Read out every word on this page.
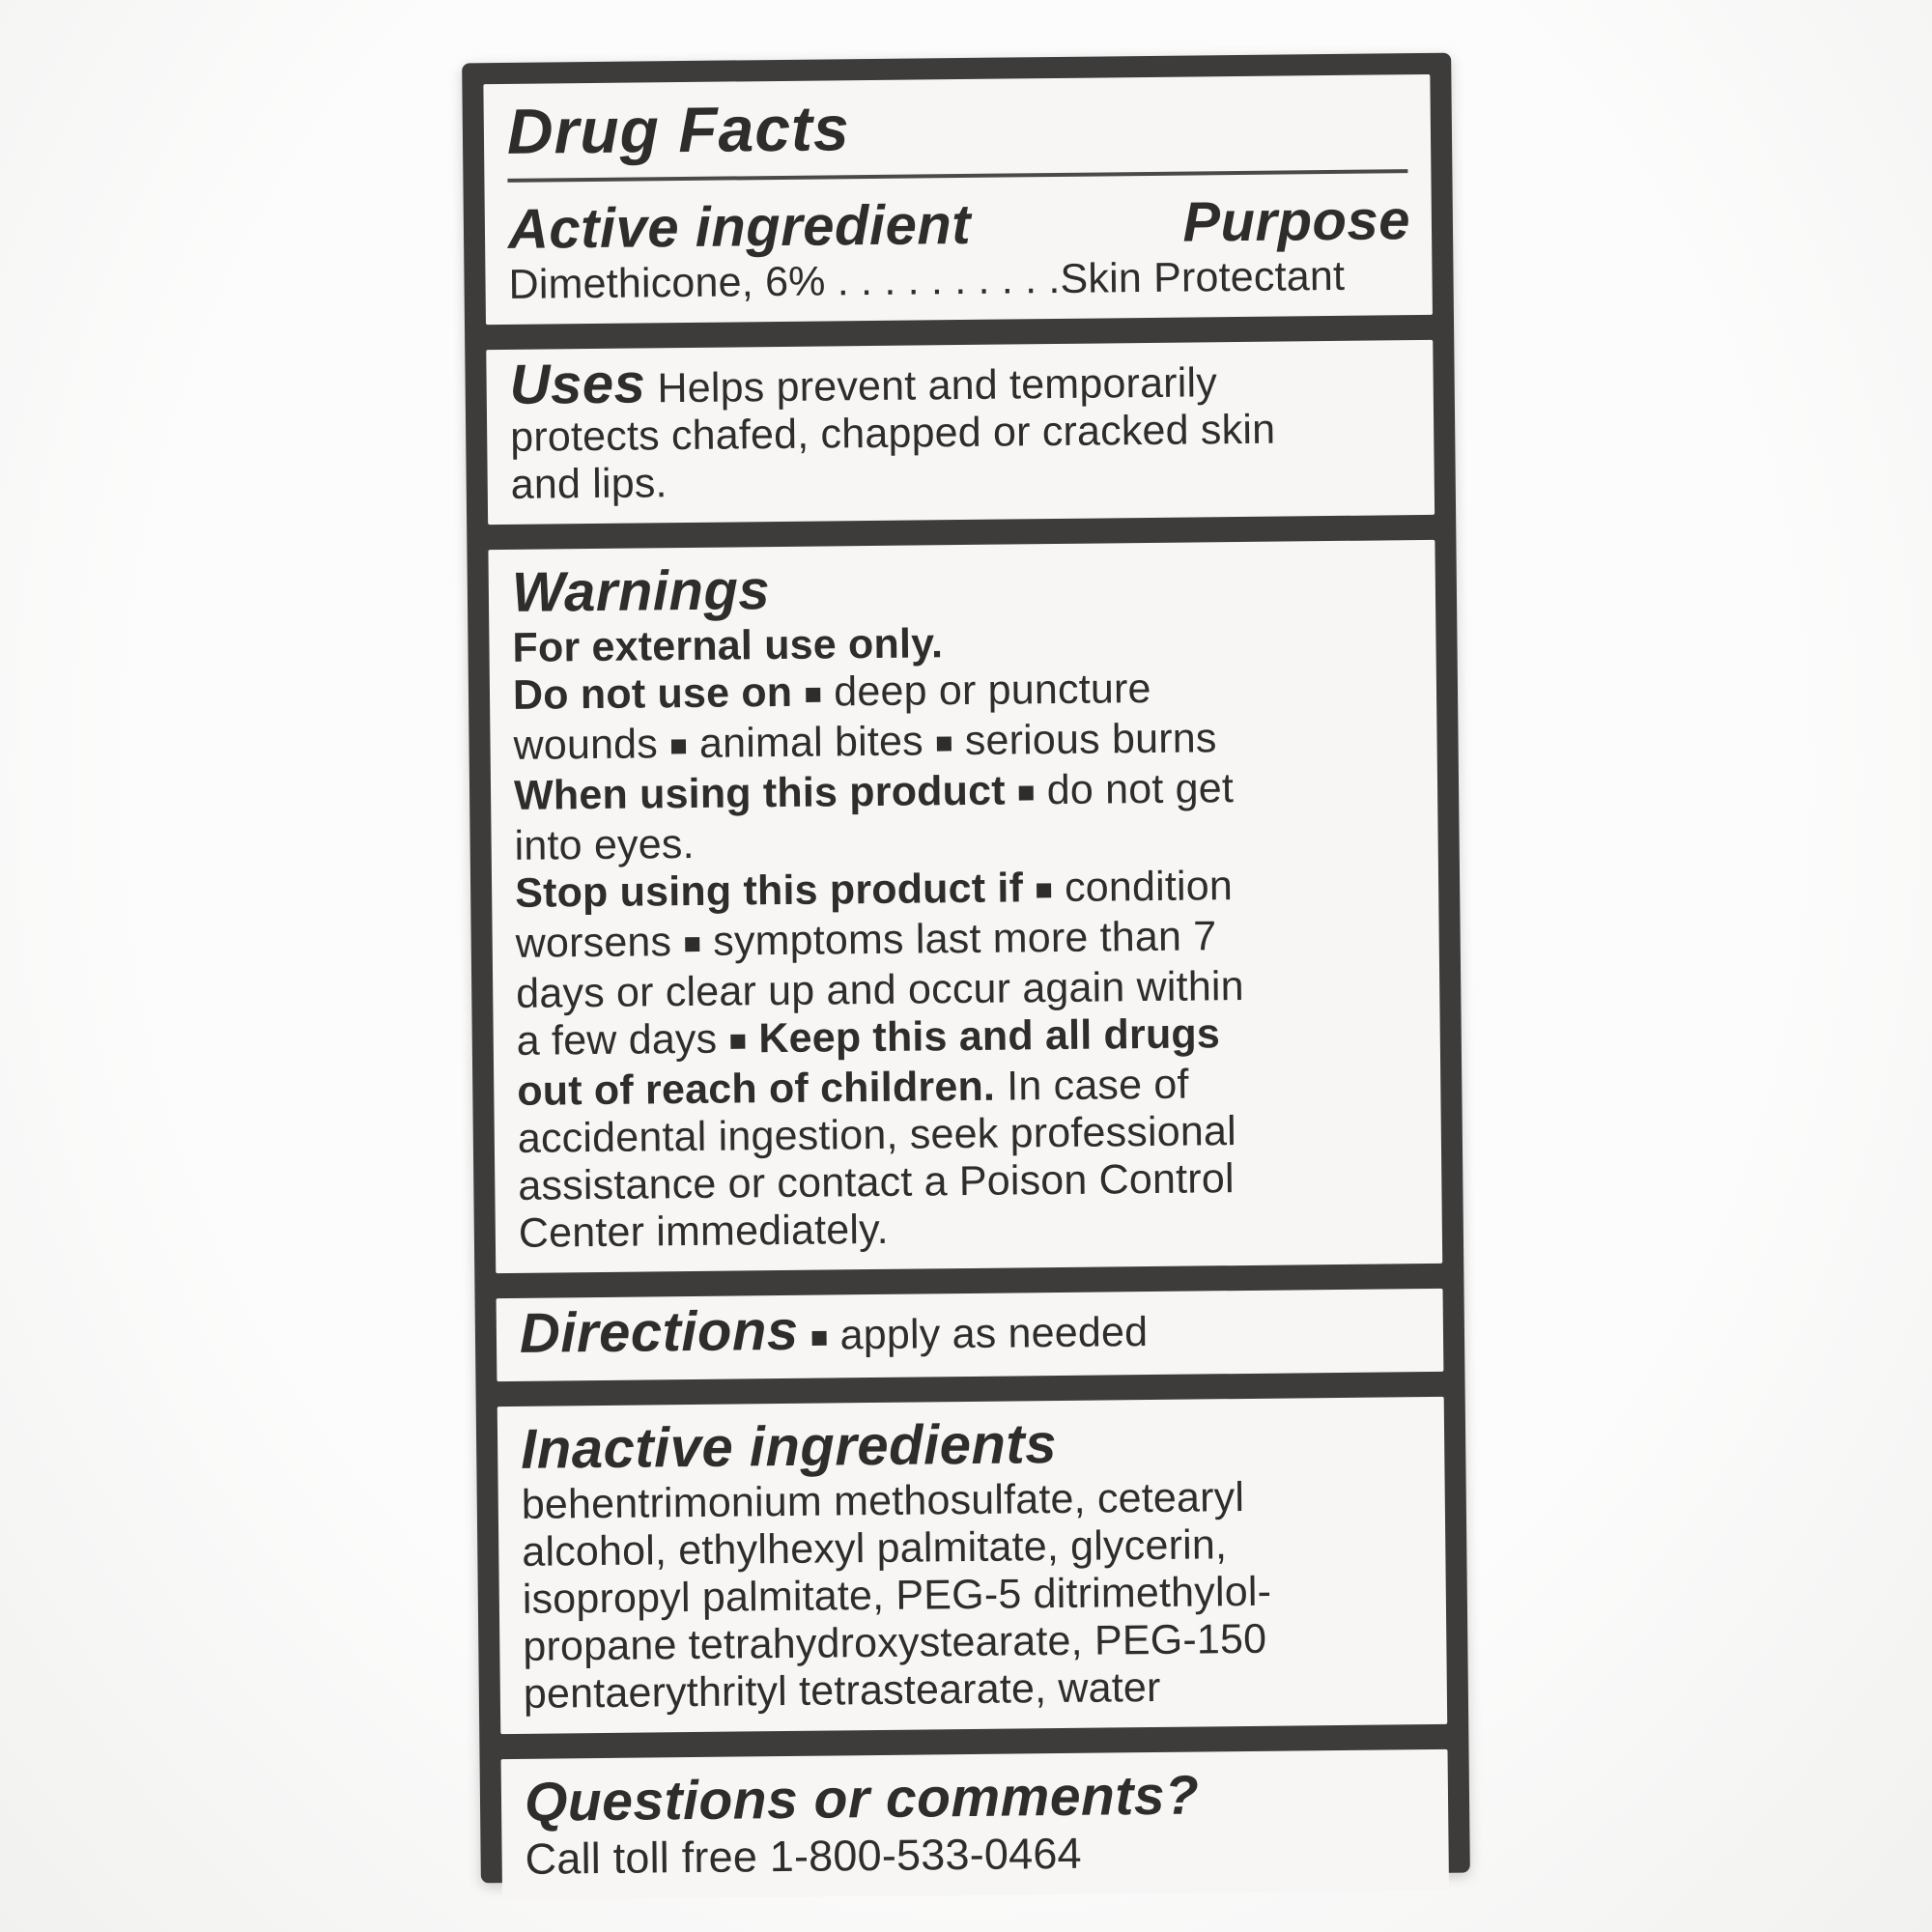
Drug Facts
Active ingredient	Purpose
Dimethicone, 6% . . . . . . . . . .Skin Protectant
Uses Helps prevent and temporarily
protects chafed, chapped or cracked skin
and lips.
Warnings
For external use only.
Do not use on ■ deep or puncture
wounds ■ animal bites ■ serious burns
When using this product ■ do not get
into eyes.
Stop using this product if ■ condition
worsens ■ symptoms last more than 7
days or clear up and occur again within
a few days ■ Keep this and all drugs
out of reach of children. In case of
accidental ingestion, seek professional
assistance or contact a Poison Control
Center immediately.
Directions ■ apply as needed
Inactive ingredients
behentrimonium methosulfate, cetearyl
alcohol, ethylhexyl palmitate, glycerin,
isopropyl palmitate, PEG-5 ditrimethylol-
propane tetrahydroxystearate, PEG-150
pentaerythrityl tetrastearate, water
Questions or comments?
Call toll free 1-800-533-0464
